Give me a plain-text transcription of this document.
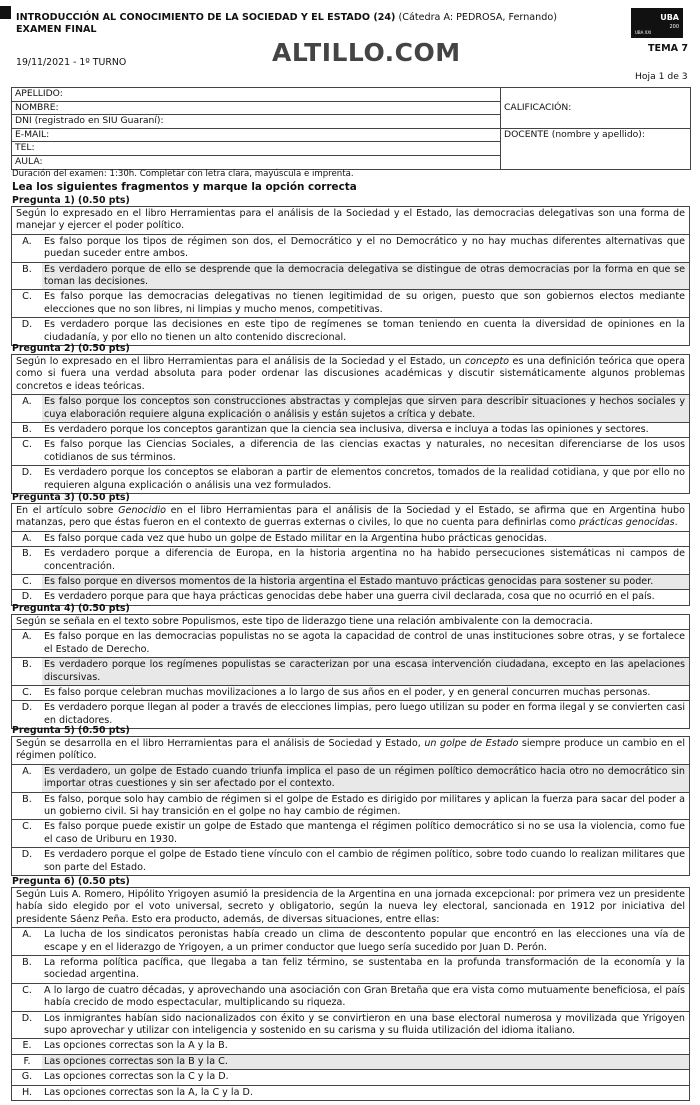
INTRODUCCIÓN AL CONOCIMIENTO DE LA SOCIEDAD Y EL ESTADO (24) (Cátedra A: PEDROSA, Fernando)
EXAMEN FINAL
19/11/2021 - 1º TURNO	ALTILLO.COM
UBA
200
UBA XXI
TEMA 7
Hoja 1 de 3
APELLIDO:	CALIFICACIÓN:
NOMBRE:	
DNI (registrado en SIU Guaraní):	
E-MAIL:	DOCENTE (nombre y apellido):
TEL:	
AULA:	
Duración del examen: 1:30h. Completar con letra clara, mayúscula e imprenta.
Lea los siguientes fragmentos y marque la opción correcta
Pregunta 1) (0.50 pts)
Según lo expresado en el libro Herramientas para el análisis de la Sociedad y el Estado, las democracias delegativas son una forma de manejar y ejercer el poder político.
A.	Es falso porque los tipos de régimen son dos, el Democrático y el no Democrático y no hay muchas diferentes alternativas que puedan suceder entre ambos.
B.	Es verdadero porque de ello se desprende que la democracia delegativa se distingue de otras democracias por la forma en que se toman las decisiones.
C.	Es falso porque las democracias delegativas no tienen legitimidad de su origen, puesto que son gobiernos electos mediante elecciones que no son libres, ni limpias y mucho menos, competitivas.
D.	Es verdadero porque las decisiones en este tipo de regímenes se toman teniendo en cuenta la diversidad de opiniones en la ciudadanía, y por ello no tienen un alto contenido discrecional.
Pregunta 2) (0.50 pts)
Según lo expresado en el libro Herramientas para el análisis de la Sociedad y el Estado, un concepto es una definición teórica que opera como si fuera una verdad absoluta para poder ordenar las discusiones académicas y discutir sistemáticamente algunos problemas concretos e ideas teóricas.
A.	Es falso porque los conceptos son construcciones abstractas y complejas que sirven para describir situaciones y hechos sociales y cuya elaboración requiere alguna explicación o análisis y están sujetos a crítica y debate.
B.	Es verdadero porque los conceptos garantizan que la ciencia sea inclusiva, diversa e incluya a todas las opiniones y sectores.
C.	Es falso porque las Ciencias Sociales, a diferencia de las ciencias exactas y naturales, no necesitan diferenciarse de los usos cotidianos de sus términos.
D.	Es verdadero porque los conceptos se elaboran a partir de elementos concretos, tomados de la realidad cotidiana, y que por ello no requieren alguna explicación o análisis una vez formulados.
Pregunta 3) (0.50 pts)
En el artículo sobre Genocidio en el libro Herramientas para el análisis de la Sociedad y el Estado, se afirma que en Argentina hubo matanzas, pero que éstas fueron en el contexto de guerras externas o civiles, lo que no cuenta para definirlas como prácticas genocidas.
A.	Es falso porque cada vez que hubo un golpe de Estado militar en la Argentina hubo prácticas genocidas.
B.	Es verdadero porque a diferencia de Europa, en la historia argentina no ha habido persecuciones sistemáticas ni campos de concentración.
C.	Es falso porque en diversos momentos de la historia argentina el Estado mantuvo prácticas genocidas para sostener su poder.
D.	Es verdadero porque para que haya prácticas genocidas debe haber una guerra civil declarada, cosa que no ocurrió en el país.
Pregunta 4) (0.50 pts)
Según se señala en el texto sobre Populismos, este tipo de liderazgo tiene una relación ambivalente con la democracia.
A.	Es falso porque en las democracias populistas no se agota la capacidad de control de unas instituciones sobre otras, y se fortalece el Estado de Derecho.
B.	Es verdadero porque los regímenes populistas se caracterizan por una escasa intervención ciudadana, excepto en las apelaciones discursivas.
C.	Es falso porque celebran muchas movilizaciones a lo largo de sus años en el poder, y en general concurren muchas personas.
D.	Es verdadero porque llegan al poder a través de elecciones limpias, pero luego utilizan su poder en forma ilegal y se convierten casi en dictadores.
Pregunta 5) (0.50 pts)
Según se desarrolla en el libro Herramientas para el análisis de Sociedad y Estado, un golpe de Estado siempre produce un cambio en el régimen político.
A.	Es verdadero, un golpe de Estado cuando triunfa implica el paso de un régimen político democrático hacia otro no democrático sin importar otras cuestiones y sin ser afectado por el contexto.
B.	Es falso, porque solo hay cambio de régimen si el golpe de Estado es dirigido por militares y aplican la fuerza para sacar del poder a un gobierno civil. Si hay transición en el golpe no hay cambio de régimen.
C.	Es falso porque puede existir un golpe de Estado que mantenga el régimen político democrático si no se usa la violencia, como fue el caso de Uriburu en 1930.
D.	Es verdadero porque el golpe de Estado tiene vínculo con el cambio de régimen político, sobre todo cuando lo realizan militares que son parte del Estado.
Pregunta 6) (0.50 pts)
Según Luis A. Romero, Hipólito Yrigoyen asumió la presidencia de la Argentina en una jornada excepcional: por primera vez un presidente había sido elegido por el voto universal, secreto y obligatorio, según la nueva ley electoral, sancionada en 1912 por iniciativa del presidente Sáenz Peña. Esto era producto, además, de diversas situaciones, entre ellas:
A.	La lucha de los sindicatos peronistas había creado un clima de descontento popular que encontró en las elecciones una vía de escape y en el liderazgo de Yrigoyen, a un primer conductor que luego sería sucedido por Juan D. Perón.
B.	La reforma política pacífica, que llegaba a tan feliz término, se sustentaba en la profunda transformación de la economía y la sociedad argentina.
C.	A lo largo de cuatro décadas, y aprovechando una asociación con Gran Bretaña que era vista como mutuamente beneficiosa, el país había crecido de modo espectacular, multiplicando su riqueza.
D.	Los inmigrantes habían sido nacionalizados con éxito y se convirtieron en una base electoral numerosa y movilizada que Yrigoyen supo aprovechar y utilizar con inteligencia y sostenido en su carisma y su fluida utilización del idioma italiano.
E.	Las opciones correctas son la A y la B.
F.	Las opciones correctas son la B y la C.
G.	Las opciones correctas son la C y la D.
H.	Las opciones correctas son la A, la C y la D.
